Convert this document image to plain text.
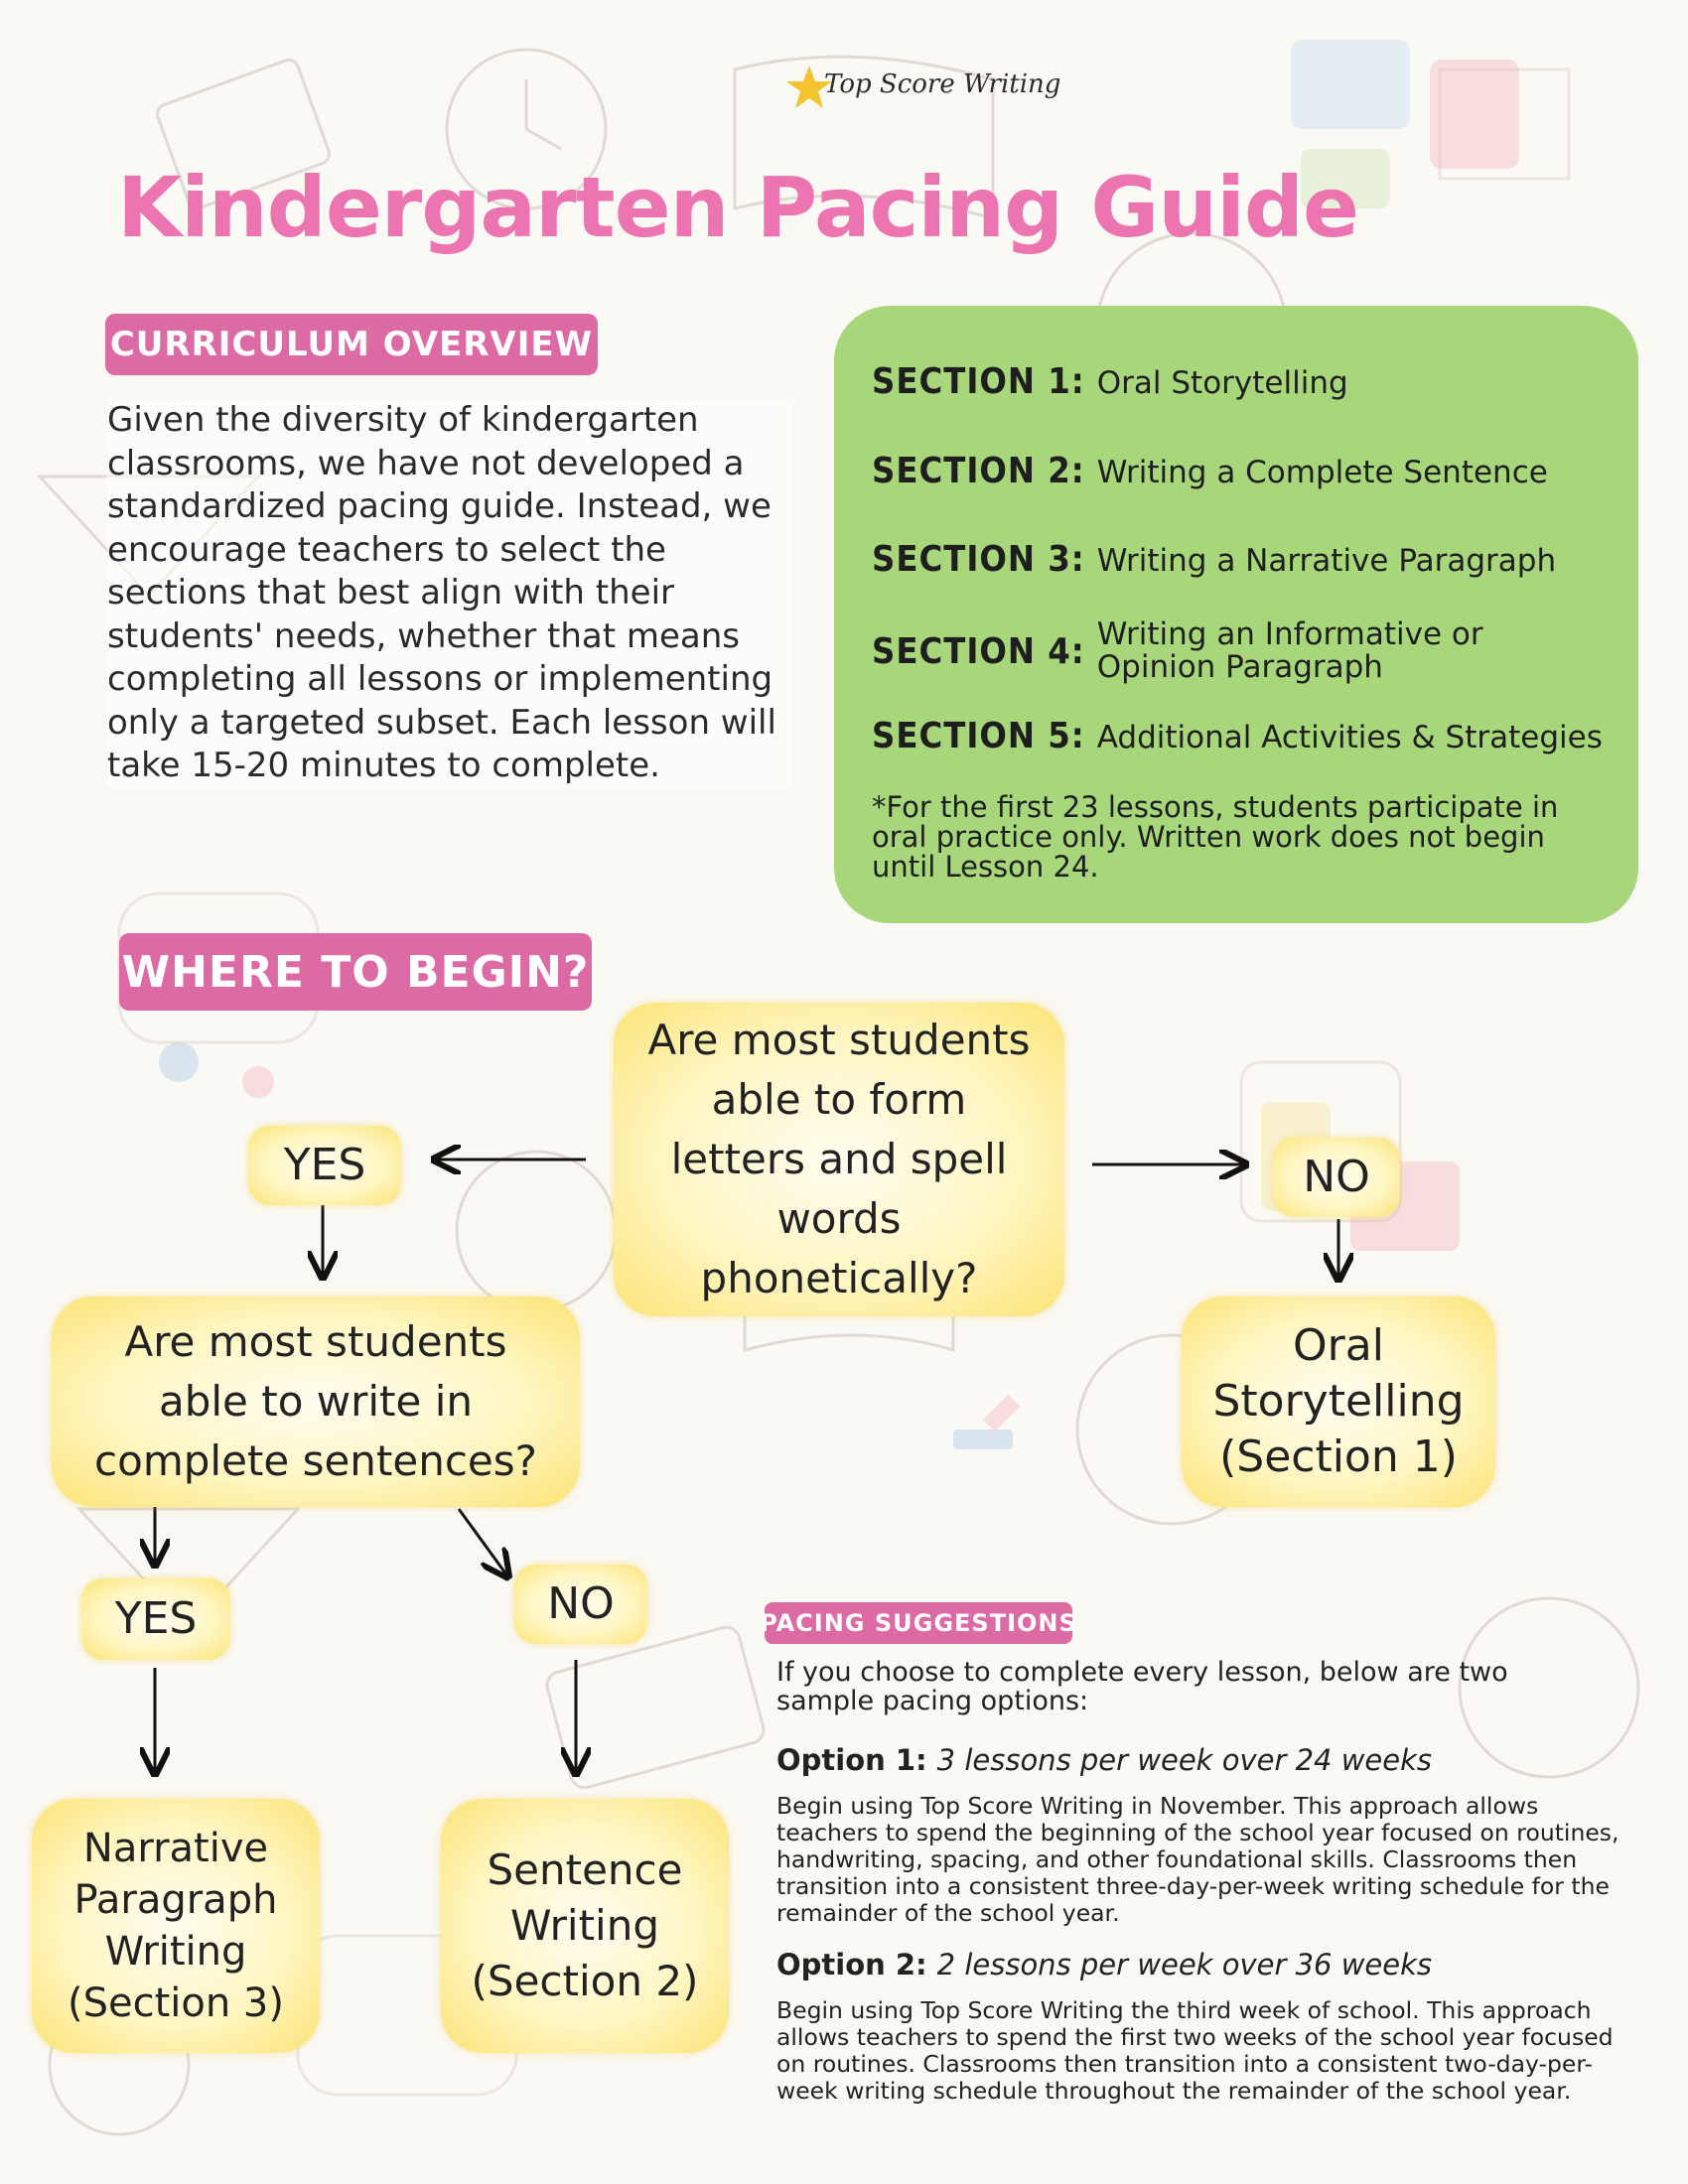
Top Score Writing
Kindergarten Pacing Guide
CURRICULUM OVERVIEW
Given the diversity of kindergarten classrooms, we have not developed a standardized pacing guide. Instead, we encourage teachers to select the sections that best align with their students' needs, whether that means completing all lessons or implementing only a targeted subset. Each lesson will take 15-20 minutes to complete.
SECTION 1: Oral Storytelling
SECTION 2: Writing a Complete Sentence
SECTION 3: Writing a Narrative Paragraph
SECTION 4: Writing an Informative or Opinion Paragraph
SECTION 5: Additional Activities & Strategies
*For the first 23 lessons, students participate in oral practice only. Written work does not begin until Lesson 24.
WHERE TO BEGIN?
Are most students able to form letters and spell words phonetically?
YES	NO
Oral Storytelling (Section 1)
Are most students able to write in complete sentences?
YES	NO
Narrative Paragraph Writing (Section 3)
Sentence Writing (Section 2)
PACING SUGGESTIONS
If you choose to complete every lesson, below are two sample pacing options:
Option 1: 3 lessons per week over 24 weeks
Begin using Top Score Writing in November. This approach allows teachers to spend the beginning of the school year focused on routines, handwriting, spacing, and other foundational skills. Classrooms then transition into a consistent three-day-per-week writing schedule for the remainder of the school year.
Option 2: 2 lessons per week over 36 weeks
Begin using Top Score Writing the third week of school. This approach allows teachers to spend the first two weeks of the school year focused on routines. Classrooms then transition into a consistent two-day-per-week writing schedule throughout the remainder of the school year.
